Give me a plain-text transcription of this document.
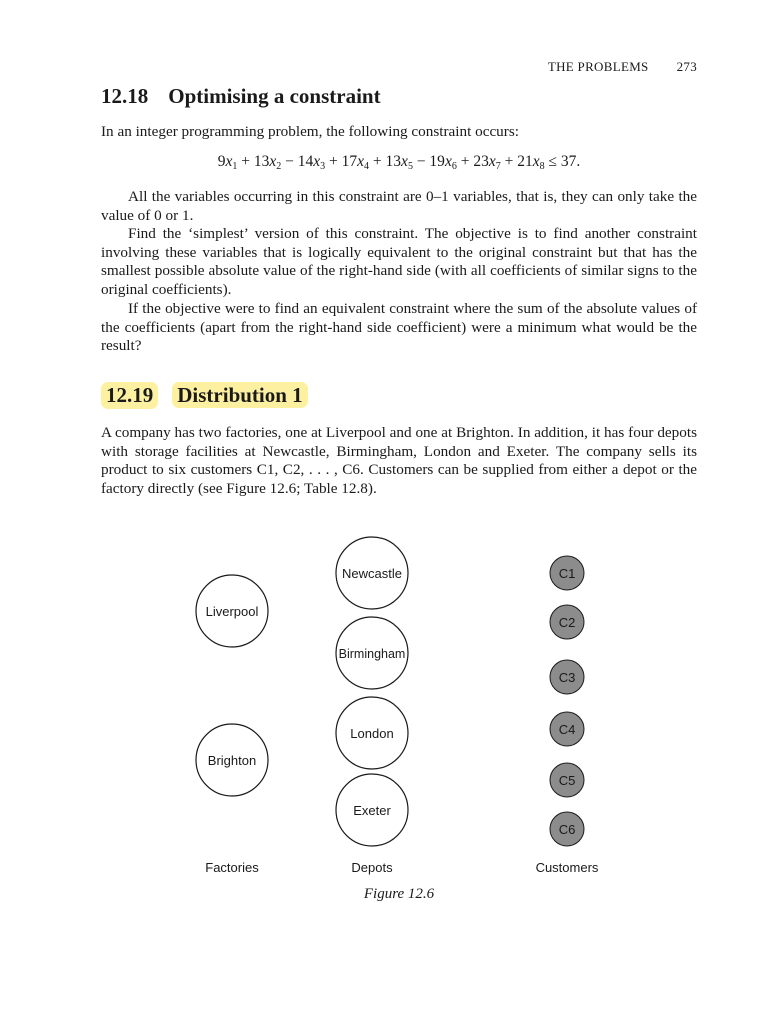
THE PROBLEMS 273
12.18 Optimising a constraint

In an integer programming problem, the following constraint occurs:

$9x_1 + 13x_2 - 14x_3 + 17x_4 + 13x_5 - 19x_6 + 23x_7 + 21x_8 \le 37$.

All the variables occurring in this constraint are 0–1 variables, that is, they can only take the value of 0 or 1.

Find the ‘simplest’ version of this constraint. The objective is to find another constraint involving these variables that is logically equivalent to the original constraint but that has the smallest possible absolute value of the right-hand side (with all coefficients of similar signs to the original coefficients).

If the objective were to find an equivalent constraint where the sum of the absolute values of the coefficients (apart from the right-hand side coefficient) were a minimum what would be the result?

12.19 Distribution 1

A company has two factories, one at Liverpool and one at Brighton. In addition, it has four depots with storage facilities at Newcastle, Birmingham, London and Exeter. The company sells its product to six customers C1, C2, . . . , C6. Customers can be supplied from either a depot or the factory directly (see Figure 12.6; Table 12.8).

Liverpool
Brighton
Newcastle
Birmingham
London
Exeter
C1
C2
C3
C4
C5
C6
Factories	Depots	Customers
Figure 12.6
